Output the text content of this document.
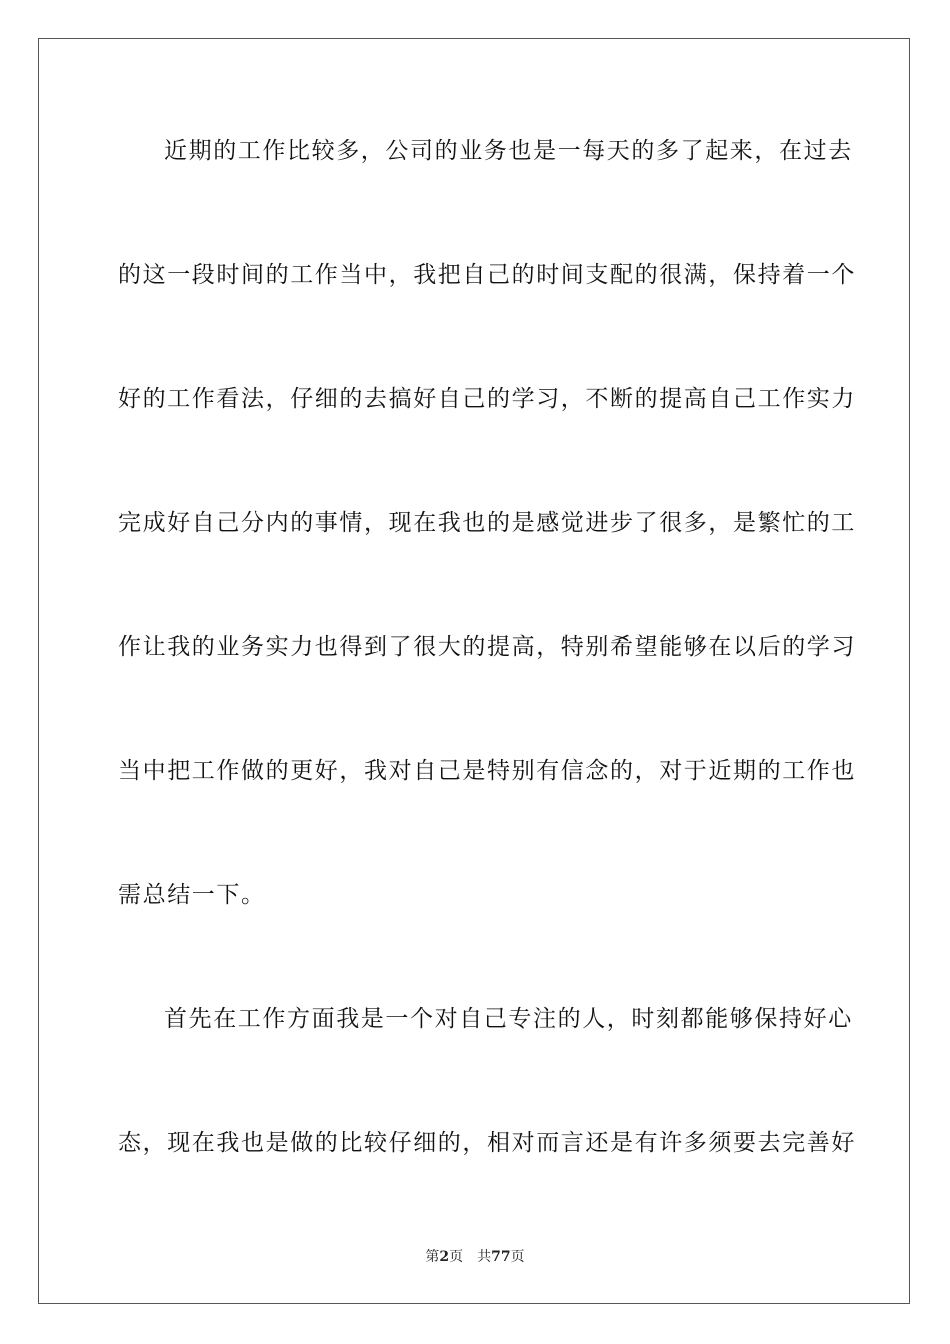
近期的工作比较多，公司的业务也是一每天的多了起来，在过去
的这一段时间的工作当中，我把自己的时间支配的很满，保持着一个
好的工作看法，仔细的去搞好自己的学习，不断的提高自己工作实力
完成好自己分内的事情，现在我也的是感觉进步了很多，是繁忙的工
作让我的业务实力也得到了很大的提高，特别希望能够在以后的学习
当中把工作做的更好，我对自己是特别有信念的，对于近期的工作也
需总结一下。
首先在工作方面我是一个对自己专注的人，时刻都能够保持好心
态，现在我也是做的比较仔细的，相对而言还是有许多须要去完善好
第2页 共77页
